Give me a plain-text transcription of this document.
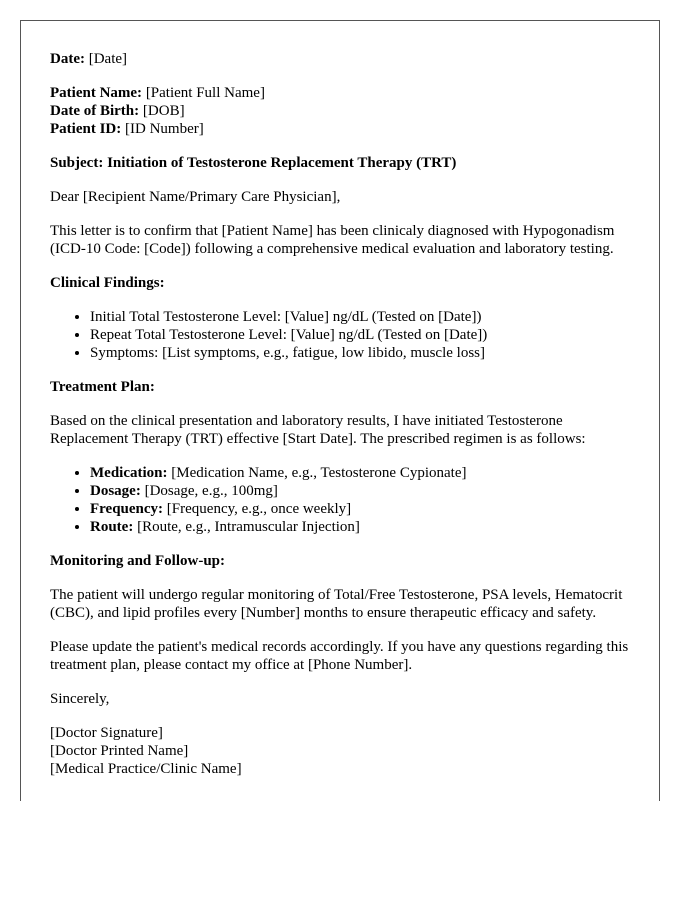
Date: [Date]

Patient Name: [Patient Full Name]

Date of Birth: [DOB]

Patient ID: [ID Number]

Subject: Initiation of Testosterone Replacement Therapy (TRT)

Dear [Recipient Name/Primary Care Physician],

This letter is to confirm that [Patient Name] has been clinicaly diagnosed with Hypogonadism (ICD-10 Code: [Code]) following a comprehensive medical evaluation and laboratory testing.

Clinical Findings:

• Initial Total Testosterone Level: [Value] ng/dL (Tested on [Date])
• Repeat Total Testosterone Level: [Value] ng/dL (Tested on [Date])
• Symptoms: [List symptoms, e.g., fatigue, low libido, muscle loss]

Treatment Plan:

Based on the clinical presentation and laboratory results, I have initiated Testosterone Replacement Therapy (TRT) effective [Start Date]. The prescribed regimen is as follows:

• Medication: [Medication Name, e.g., Testosterone Cypionate]
• Dosage: [Dosage, e.g., 100mg]
• Frequency: [Frequency, e.g., once weekly]
• Route: [Route, e.g., Intramuscular Injection]

Monitoring and Follow-up:

The patient will undergo regular monitoring of Total/Free Testosterone, PSA levels, Hematocrit (CBC), and lipid profiles every [Number] months to ensure therapeutic efficacy and safety.

Please update the patient's medical records accordingly. If you have any questions regarding this treatment plan, please contact my office at [Phone Number].

Sincerely,

[Doctor Signature]

[Doctor Printed Name]

[Medical Practice/Clinic Name]
